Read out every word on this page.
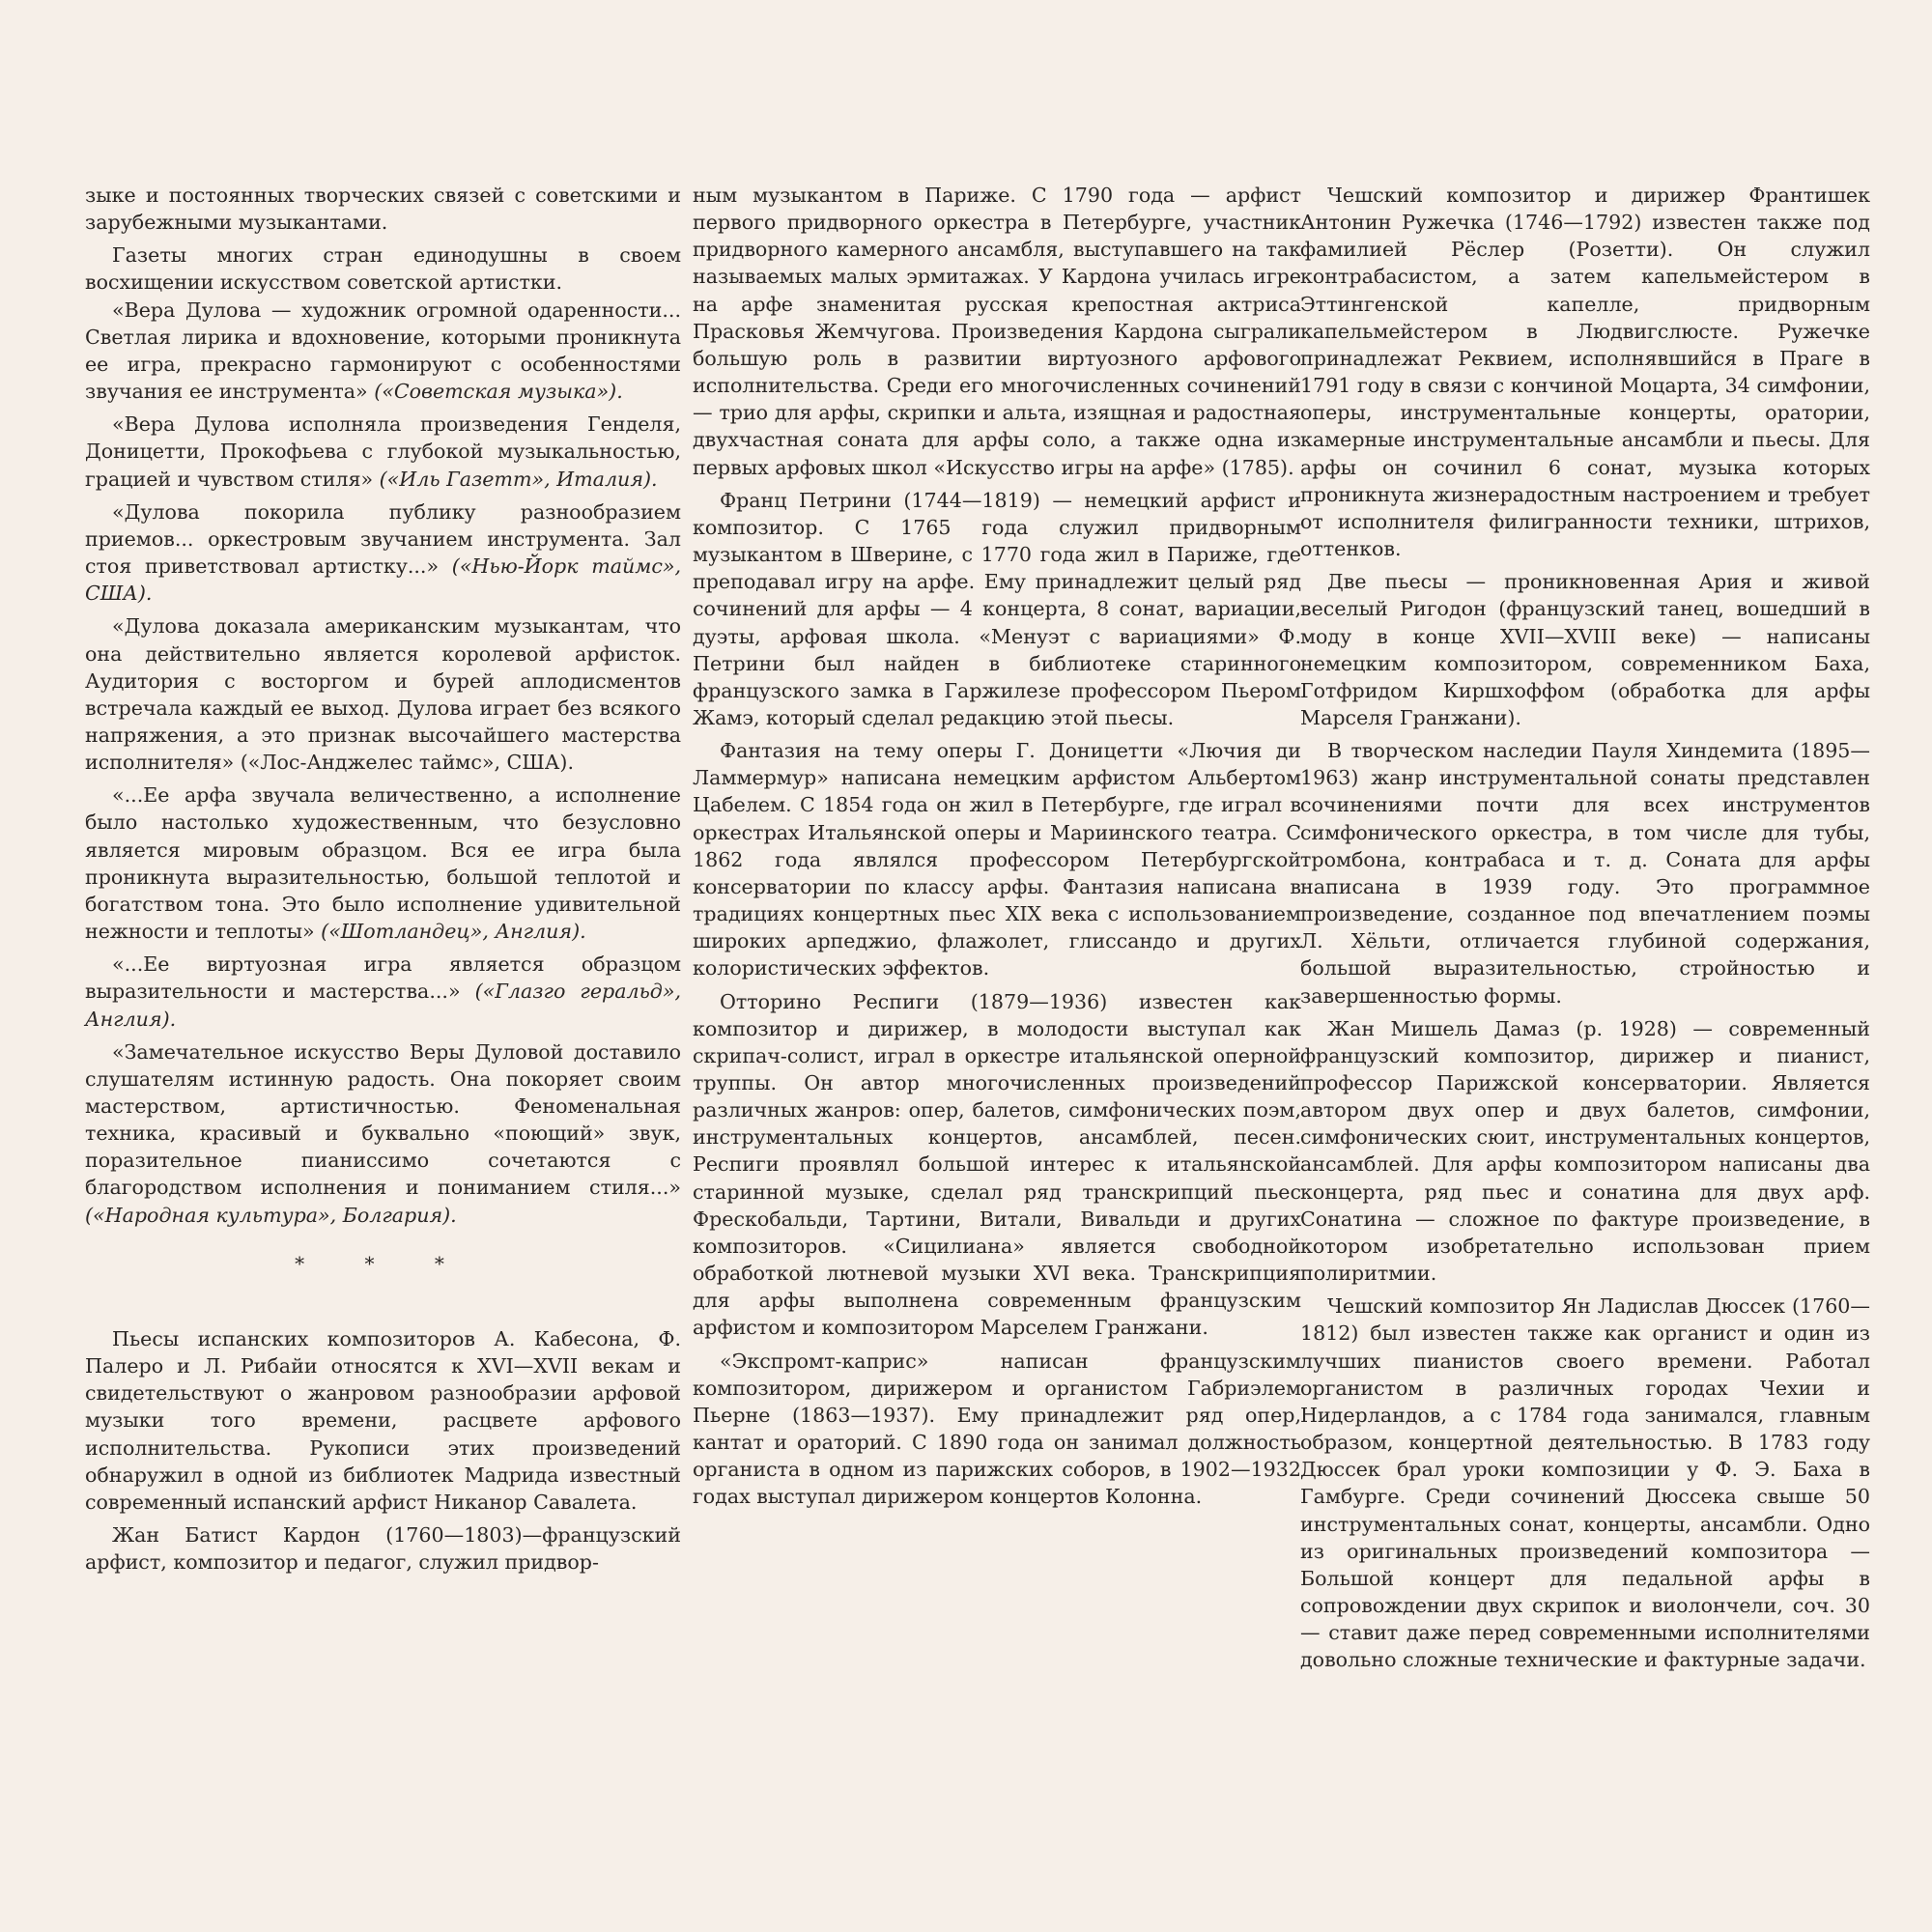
зыке и постоянных творческих связей с советскими и зарубежными музыкантами.

Газеты многих стран единодушны в своем восхищении искусством советской артистки.

«Вера Дулова — художник огромной одаренности... Светлая лирика и вдохновение, которыми проникнута ее игра, прекрасно гармонируют с особенностями звучания ее инструмента» («Советская музыка»).

«Вера Дулова исполняла произведения Генделя, Доницетти, Прокофьева с глубокой музыкальностью, грацией и чувством стиля» («Иль Газетт», Италия).

«Дулова покорила публику разнообразием приемов... оркестровым звучанием инструмента. Зал стоя приветствовал артистку...» («Нью-Йорк таймс», США).

«Дулова доказала американским музыкантам, что она действительно является королевой арфисток. Аудитория с восторгом и бурей аплодисментов встречала каждый ее выход. Дулова играет без всякого напряжения, а это признак высочайшего мастерства исполнителя» («Лос-Анджелес таймс», США).

«...Ее арфа звучала величественно, а исполнение было настолько художественным, что безусловно является мировым образцом. Вся ее игра была проникнута выразительностью, большой теплотой и богатством тона. Это было исполнение удивительной нежности и теплоты» («Шотландец», Англия).

«...Ее виртуозная игра является образцом выразительности и мастерства...» («Глазго геральд», Англия).

«Замечательное искусство Веры Дуловой доставило слушателям истинную радость. Она покоряет своим мастерством, артистичностью. Феноменальная техника, красивый и буквально «поющий» звук, поразительное пианиссимо сочетаются с благородством исполнения и пониманием стиля...» («Народная культура», Болгария).

* * *

Пьесы испанских композиторов А. Кабесона, Ф. Палеро и Л. Рибайи относятся к XVI—XVII векам и свидетельствуют о жанровом разнообразии арфовой музыки того времени, расцвете арфового исполнительства. Рукописи этих произведений обнаружил в одной из библиотек Мадрида известный современный испанский арфист Никанор Савалета.

Жан Батист Кардон (1760—1803)—французский арфист, композитор и педагог, служил придвор-

ным музыкантом в Париже. С 1790 года — арфист первого придворного оркестра в Петербурге, участник придворного камерного ансамбля, выступавшего на так называемых малых эрмитажах. У Кардона училась игре на арфе знаменитая русская крепостная актриса Прасковья Жемчугова. Произведения Кардона сыграли большую роль в развитии виртуозного арфового исполнительства. Среди его многочисленных сочинений — трио для арфы, скрипки и альта, изящная и радостная двухчастная соната для арфы соло, а также одна из первых арфовых школ «Искусство игры на арфе» (1785).

Франц Петрини (1744—1819) — немецкий арфист и композитор. С 1765 года служил придворным музыкантом в Шверине, с 1770 года жил в Париже, где преподавал игру на арфе. Ему принадлежит целый ряд сочинений для арфы — 4 концерта, 8 сонат, вариации, дуэты, арфовая школа. «Менуэт с вариациями» Ф. Петрини был найден в библиотеке старинного французского замка в Гаржилезе профессором Пьером Жамэ, который сделал редакцию этой пьесы.

Фантазия на тему оперы Г. Доницетти «Лючия ди Ламмермур» написана немецким арфистом Альбертом Цабелем. С 1854 года он жил в Петербурге, где играл в оркестрах Итальянской оперы и Мариинского театра. С 1862 года являлся профессором Петербургской консерватории по классу арфы. Фантазия написана в традициях концертных пьес XIX века с использованием широких арпеджио, флажолет, глиссандо и других колористических эффектов.

Отторино Респиги (1879—1936) известен как композитор и дирижер, в молодости выступал как скрипач-солист, играл в оркестре итальянской оперной труппы. Он автор многочисленных произведений различных жанров: опер, балетов, симфонических поэм, инструментальных концертов, ансамблей, песен. Респиги проявлял большой интерес к итальянской старинной музыке, сделал ряд транскрипций пьес Фрескобальди, Тартини, Витали, Вивальди и других композиторов. «Сицилиана» является свободной обработкой лютневой музыки XVI века. Транскрипция для арфы выполнена современным французским арфистом и композитором Марселем Гранжани.

«Экспромт-каприс» написан французским композитором, дирижером и органистом Габриэлем Пьерне (1863—1937). Ему принадлежит ряд опер, кантат и ораторий. С 1890 года он занимал должность органиста в одном из парижских соборов, в 1902—1932 годах выступал дирижером концертов Колонна.

Чешский композитор и дирижер Франтишек Антонин Ружечка (1746—1792) известен также под фамилией Рёслер (Розетти). Он служил контрабасистом, а затем капельмейстером в Эттингенской капелле, придворным капельмейстером в Людвигслюсте. Ружечке принадлежат Реквием, исполнявшийся в Праге в 1791 году в связи с кончиной Моцарта, 34 симфонии, оперы, инструментальные концерты, оратории, камерные инструментальные ансамбли и пьесы. Для арфы он сочинил 6 сонат, музыка которых проникнута жизнерадостным настроением и требует от исполнителя филигранности техники, штрихов, оттенков.

Две пьесы — проникновенная Ария и живой веселый Ригодон (французский танец, вошедший в моду в конце XVII—XVIII веке) — написаны немецким композитором, современником Баха, Готфридом Киршхоффом (обработка для арфы Марселя Гранжани).

В творческом наследии Пауля Хиндемита (1895—1963) жанр инструментальной сонаты представлен сочинениями почти для всех инструментов симфонического оркестра, в том числе для тубы, тромбона, контрабаса и т. д. Соната для арфы написана в 1939 году. Это программное произведение, созданное под впечатлением поэмы Л. Хёльти, отличается глубиной содержания, большой выразительностью, стройностью и завершенностью формы.

Жан Мишель Дамаз (р. 1928) — современный французский композитор, дирижер и пианист, профессор Парижской консерватории. Является автором двух опер и двух балетов, симфонии, симфонических сюит, инструментальных концертов, ансамблей. Для арфы композитором написаны два концерта, ряд пьес и сонатина для двух арф. Сонатина — сложное по фактуре произведение, в котором изобретательно использован прием полиритмии.

Чешский композитор Ян Ладислав Дюссек (1760—1812) был известен также как органист и один из лучших пианистов своего времени. Работал органистом в различных городах Чехии и Нидерландов, а с 1784 года занимался, главным образом, концертной деятельностью. В 1783 году Дюссек брал уроки композиции у Ф. Э. Баха в Гамбурге. Среди сочинений Дюссека свыше 50 инструментальных сонат, концерты, ансамбли. Одно из оригинальных произведений композитора — Большой концерт для педальной арфы в сопровождении двух скрипок и виолончели, соч. 30 — ставит даже перед современными исполнителями довольно сложные технические и фактурные задачи.
